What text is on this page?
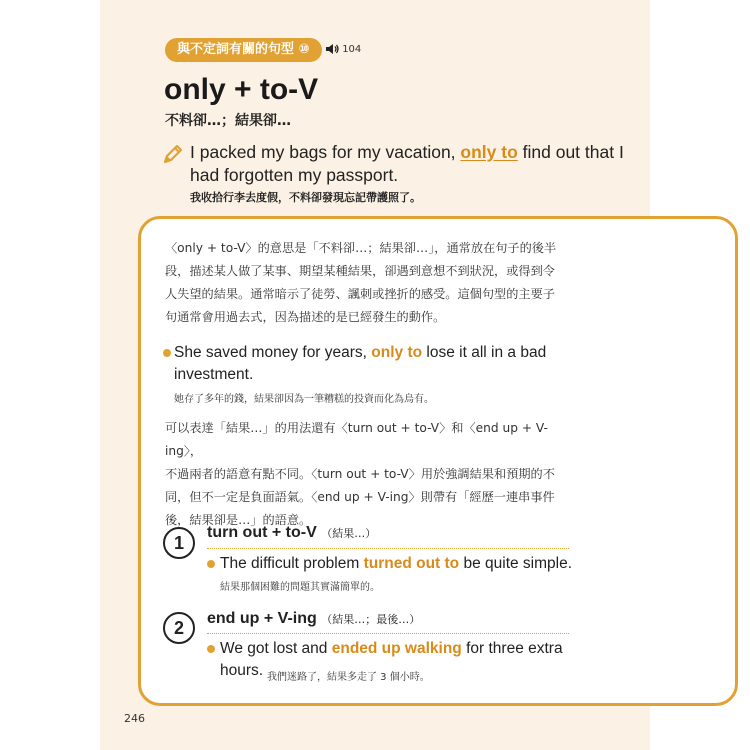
與不定詞有關的句型 ⑩	104
only + to-V
不料卻…；結果卻…
I packed my bags for my vacation, only to find out that I had forgotten my passport.
我收拾行李去度假，不料卻發現忘記帶護照了。
〈only + to-V〉的意思是「不料卻…；結果卻…」，通常放在句子的後半
段，描述某人做了某事、期望某種結果，卻遇到意想不到狀況，或得到令
人失望的結果。通常暗示了徒勞、諷刺或挫折的感受。這個句型的主要子
句通常會用過去式，因為描述的是已經發生的動作。
She saved money for years, only to lose it all in a bad investment.
她存了多年的錢，結果卻因為一筆糟糕的投資而化為烏有。
可以表達「結果…」的用法還有〈turn out + to-V〉和〈end up + V-ing〉，
不過兩者的語意有點不同。〈turn out + to-V〉用於強調結果和預期的不
同，但不一定是負面語氣。〈end up + V-ing〉則帶有「經歷一連串事件
後，結果卻是…」的語意。
1
turn out + to-V （結果…）
The difficult problem turned out to be quite simple.
結果那個困難的問題其實滿簡單的。
2	end up + V-ing （結果…；最後…）
We got lost and ended up walking for three extra hours. 我們迷路了，結果多走了 3 個小時。
246
